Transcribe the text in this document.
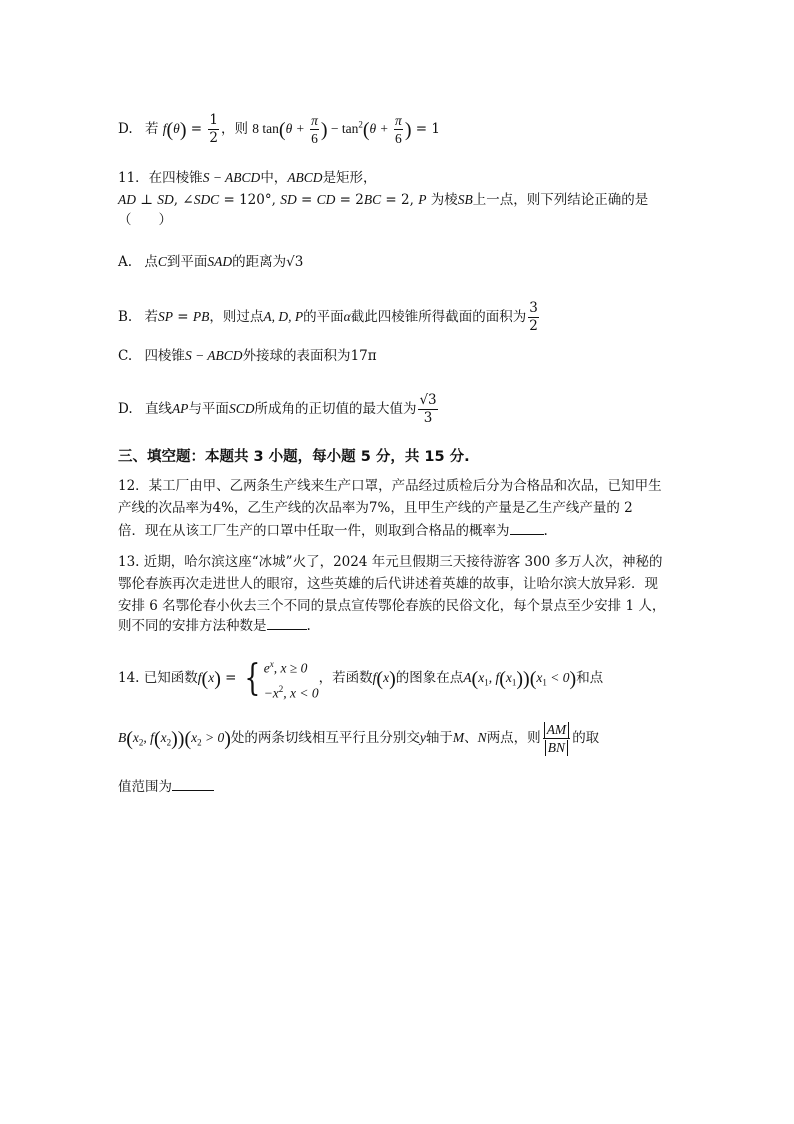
D. 若 $f(\theta) = \frac{1}{2}$ ，则 8 $\tan(\theta + \frac{\pi}{6}$ ) − $\tan^2(\theta + \frac{\pi}{6}$ ) = 1
11．在四棱锥S − ABCD中，ABCD是矩形，
AD ⊥ SD, ∠SDC = 120°, SD = CD = 2BC = 2, P 为棱SB上一点，则下列结论正确的是
（　　）
A. 点C到平面SAD的距离为√3
B. 若SP = PB，则过点A, D, P的平面α截此四棱锥所得截面的面积为 $\frac{3}{2}$
C. 四棱锥S − ABCD外接球的表面积为17π
D. 直线AP与平面SCD所成角的正切值的最大值为 $\frac{√3}{3}$
三、填空题：本题共 3 小题，每小题 5 分，共 15 分.
12．某工厂由甲、乙两条生产线来生产口罩，产品经过质检后分为合格品和次品，已知甲生
产线的次品率为4%，乙生产线的次品率为7%，且甲生产线的产量是乙生产线产量的 2
倍．现在从该工厂生产的口罩中任取一件，则取到合格品的概率为	.
13. 近期，哈尔滨这座“冰城”火了，2024 年元旦假期三天接待游客 300 多万人次，神秘的
鄂伦春族再次走进世人的眼帘，这些英雄的后代讲述着英雄的故事，让哈尔滨大放异彩．现
安排 6 名鄂伦春小伙去三个不同的景点宣传鄂伦春族的民俗文化，每个景点至少安排 1 人，
则不同的安排方法种数是	.
14. 已知函数f(x) = { $e^x$, x ≥ 0
$-x^2$, x < 0
，若函数f(x)的图象在点$A(x_1$, $f(x_1))(x_1 < 0)$和点
$B(x_2$, $f(x_2))(x_2 > 0)$处的两条切线相互平行且分别交y轴于M、N两点，则 $\frac{AM}{BN}$ 的取
值范围为
